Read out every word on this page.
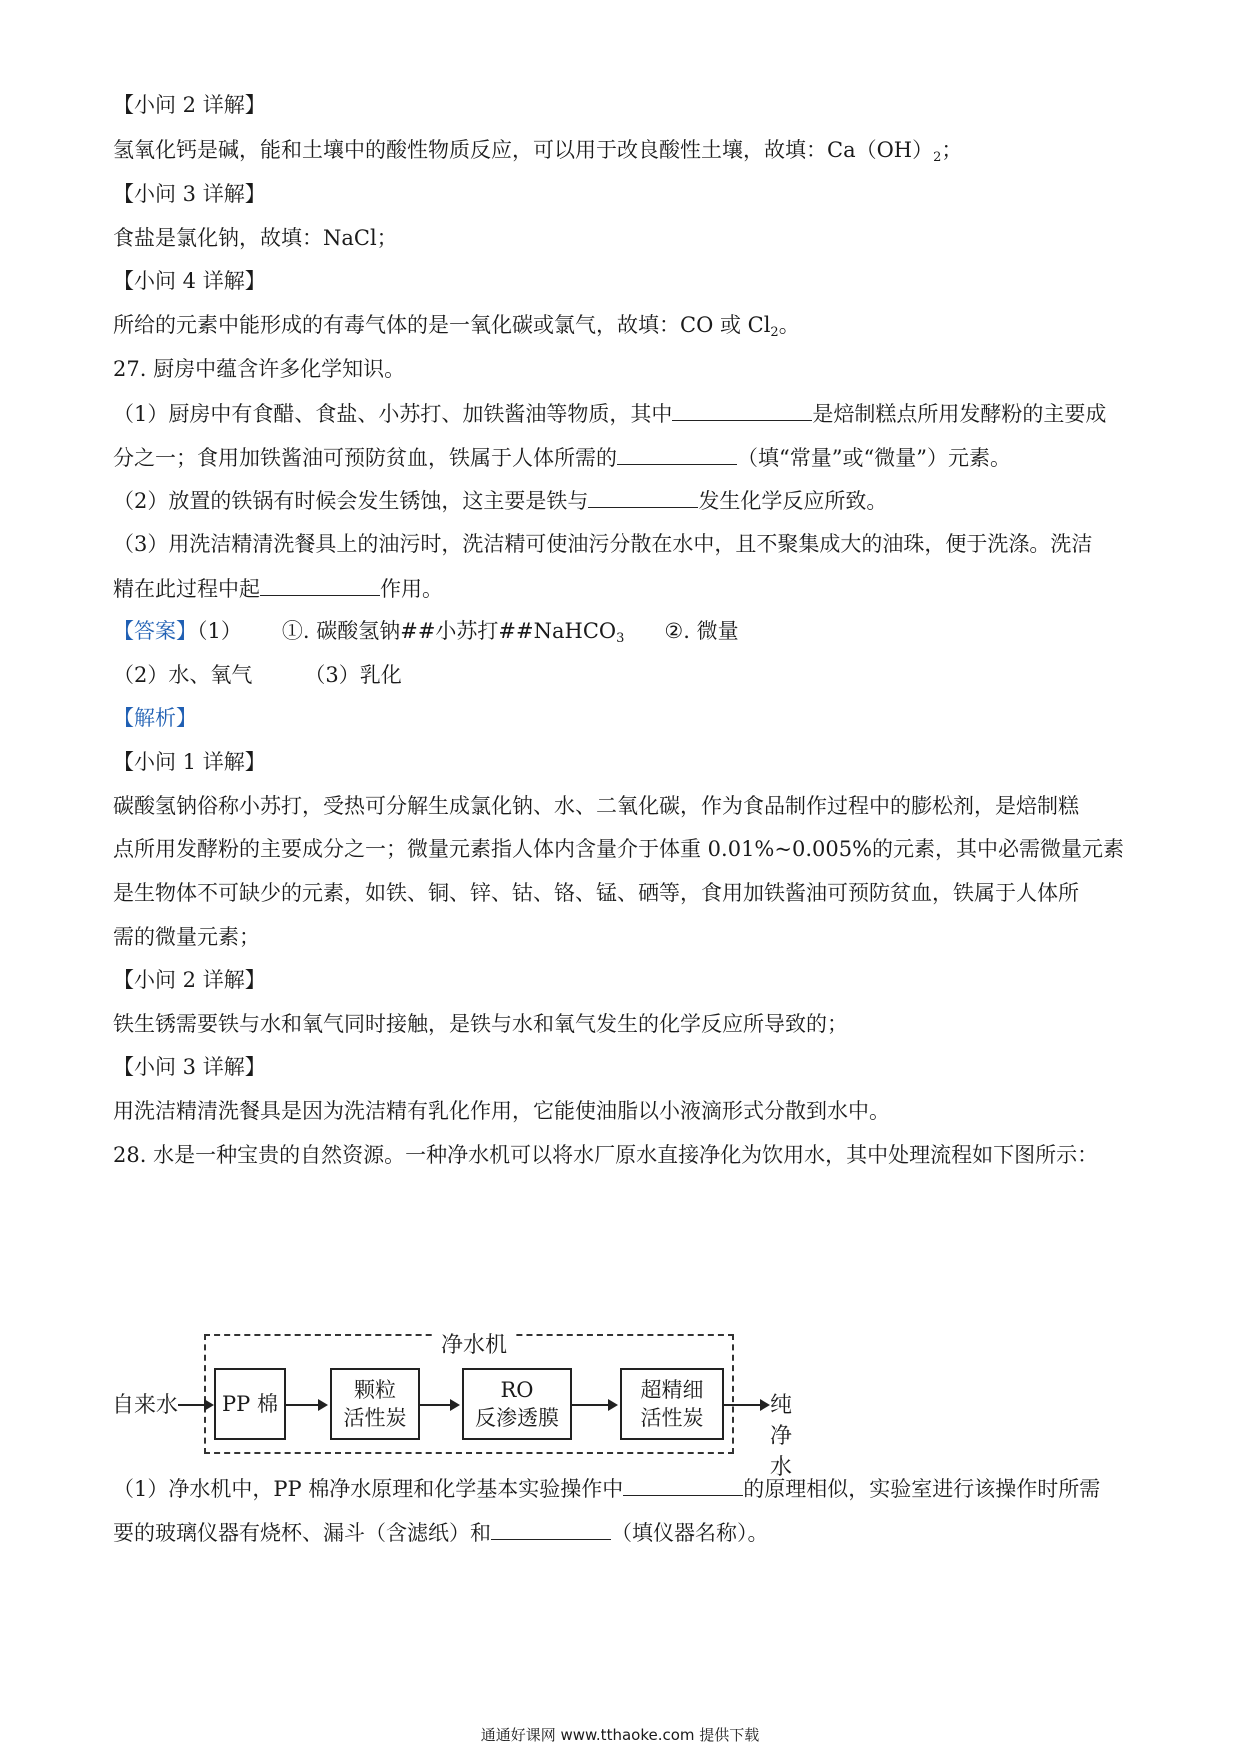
【小问 2 详解】
氢氧化钙是碱，能和土壤中的酸性物质反应，可以用于改良酸性土壤，故填：$Ca(OH)_2$；
【小问 3 详解】
食盐是氯化钠，故填：NaCl；
【小问 4 详解】
所给的元素中能形成的有毒气体的是一氧化碳或氯气，故填：CO 或 $Cl_2$。
27. 厨房中蕴含许多化学知识。
（1）厨房中有食醋、食盐、小苏打、加铁酱油等物质，其中	是焙制糕点所用发酵粉的主要成
分之一；食用加铁酱油可预防贫血，铁属于人体所需的	（填“常量”或“微量”）元素。
（2）放置的铁锅有时候会发生锈蚀，这主要是铁与	发生化学反应所致。
（3）用洗洁精清洗餐具上的油污时，洗洁精可使油污分散在水中，且不聚集成大的油珠，便于洗涤。洗洁
精在此过程中起	作用。
【答案】（1） ①. 碳酸氢钠##小苏打##NaHCO$_3$ ②. 微量
（2）水、氧气 （3）乳化
【解析】
【小问 1 详解】
碳酸氢钠俗称小苏打，受热可分解生成氯化钠、水、二氧化碳，作为食品制作过程中的膨松剂，是焙制糕
点所用发酵粉的主要成分之一；微量元素指人体内含量介于体重 0.01%~0.005%的元素，其中必需微量元素
是生物体不可缺少的元素，如铁、铜、锌、钴、铬、锰、硒等，食用加铁酱油可预防贫血，铁属于人体所
需的微量元素；
【小问 2 详解】
铁生锈需要铁与水和氧气同时接触，是铁与水和氧气发生的化学反应所导致的；
【小问 3 详解】
用洗洁精清洗餐具是因为洗洁精有乳化作用，它能使油脂以小液滴形式分散到水中。
28. 水是一种宝贵的自然资源。一种净水机可以将水厂原水直接净化为饮用水，其中处理流程如下图所示：
净水机
自来水 PP 棉
颗粒
活性炭
RO
反渗透膜
超精细
活性炭	纯净水
（1）净水机中，PP 棉净水原理和化学基本实验操作中	的原理相似，实验室进行该操作时所需
要的玻璃仪器有烧杯、漏斗（含滤纸）和	（填仪器名称）。
通通好课网 www.tthaoke.com 提供下载
